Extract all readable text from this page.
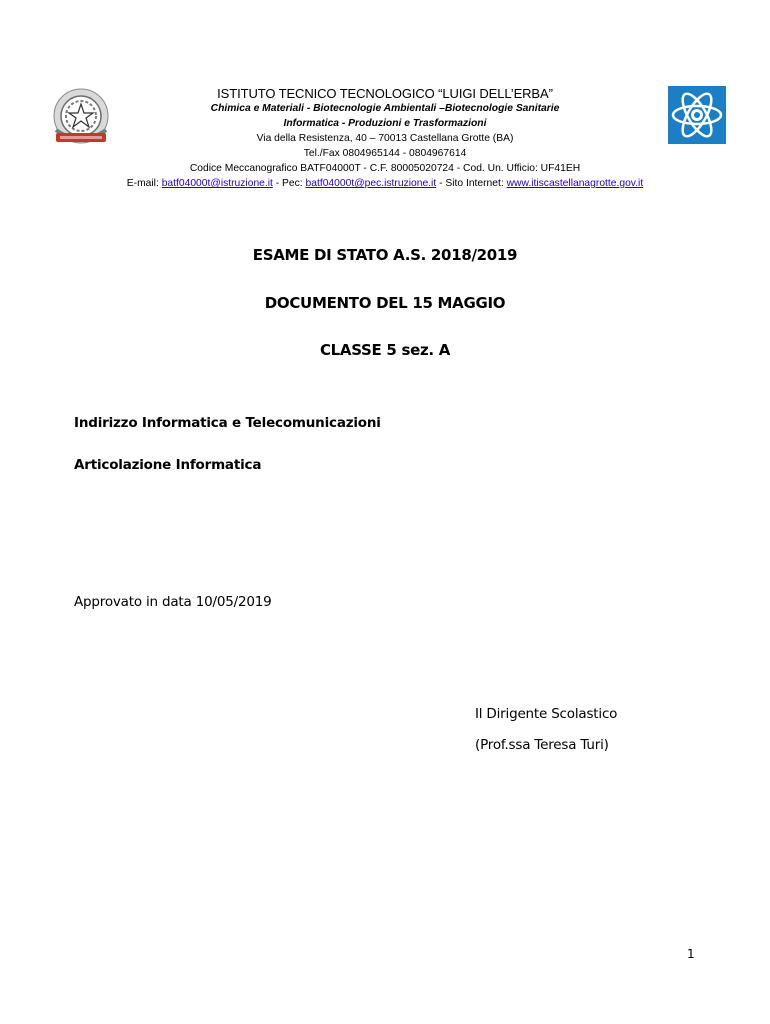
ISTITUTO TECNICO TECNOLOGICO “LUIGI DELL’ERBA”
Chimica e Materiali - Biotecnologie Ambientali –Biotecnologie Sanitarie
Informatica - Produzioni e Trasformazioni
Via della Resistenza, 40 – 70013 Castellana Grotte (BA)
Tel./Fax 0804965144 - 0804967614
Codice Meccanografico BATF04000T - C.F. 80005020724 - Cod. Un. Ufficio: UF41EH
E-mail: batf04000t@istruzione.it - Pec: batf04000t@pec.istruzione.it - Sito Internet: www.itiscastellanagrotte.gov.it
ESAME DI STATO A.S. 2018/2019
DOCUMENTO DEL 15 MAGGIO
CLASSE 5 sez. A
Indirizzo Informatica e Telecomunicazioni
Articolazione Informatica
Approvato in data 10/05/2019
Il Dirigente Scolastico
(Prof.ssa Teresa Turi)
1
